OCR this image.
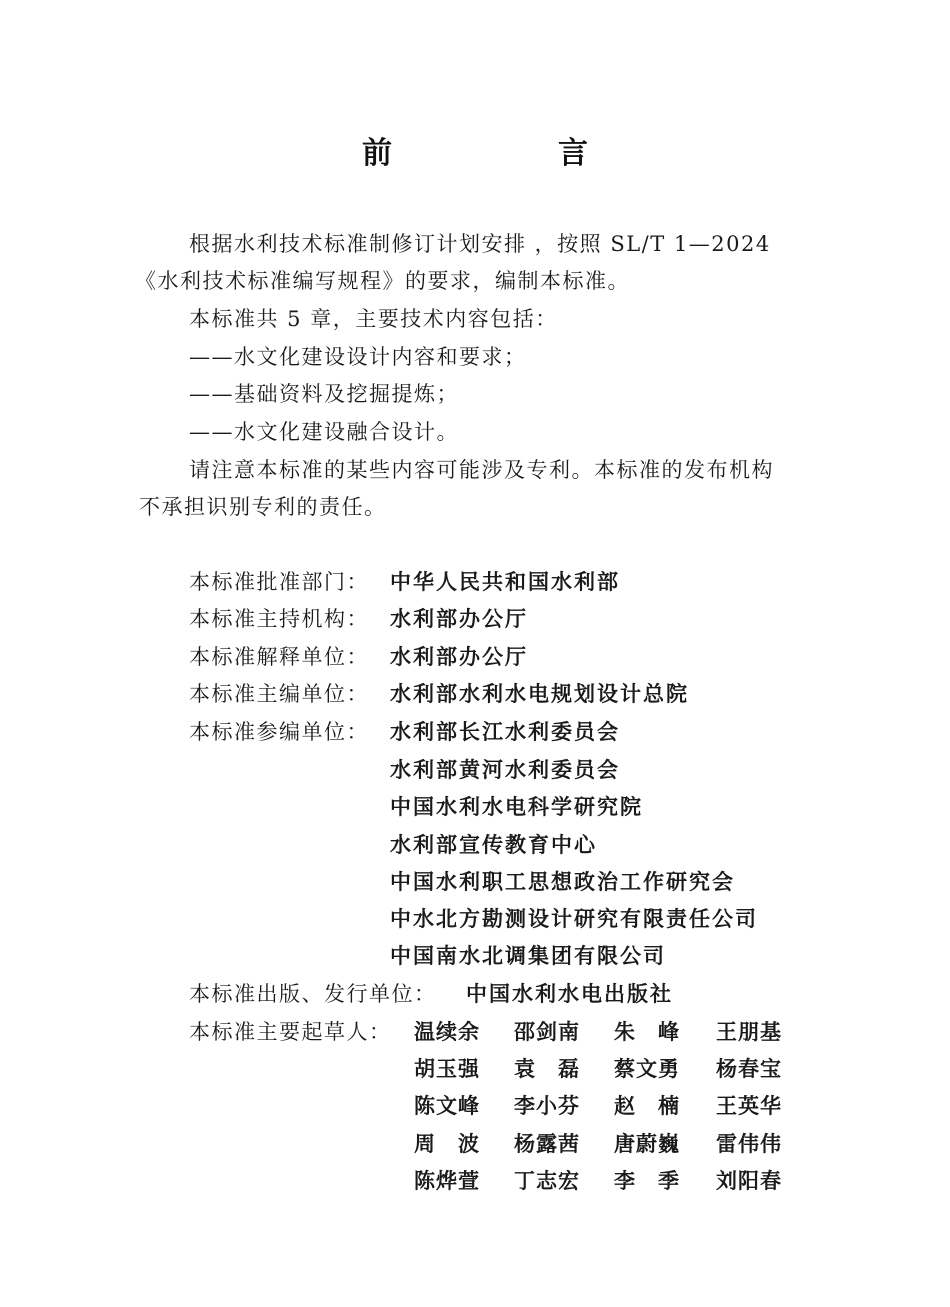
前　言
根据水利技术标准制修订计划安排 ，按照 SL/T 1—2024
《水利技术标准编写规程》的要求，编制本标准。
本标准共 5 章，主要技术内容包括：
——水文化建设设计内容和要求；
——基础资料及挖掘提炼；
——水文化建设融合设计。
请注意本标准的某些内容可能涉及专利。本标准的发布机构
不承担识别专利的责任。
本标准批准部门： 中华人民共和国水利部
本标准主持机构： 水利部办公厅
本标准解释单位： 水利部办公厅
本标准主编单位： 水利部水利水电规划设计总院
本标准参编单位： 水利部长江水利委员会
水利部黄河水利委员会
中国水利水电科学研究院
水利部宣传教育中心
中国水利职工思想政治工作研究会
中水北方勘测设计研究有限责任公司
中国南水北调集团有限公司
本标准出版、发行单位： 中国水利水电出版社
本标准主要起草人： 温续余 邵剑南 朱　峰 王朋基
胡玉强 袁　磊 蔡文勇 杨春宝
陈文峰 李小芬 赵　楠 王英华
周　波 杨露茜 唐蔚巍 雷伟伟
陈烨萱 丁志宏 李　季 刘阳春
